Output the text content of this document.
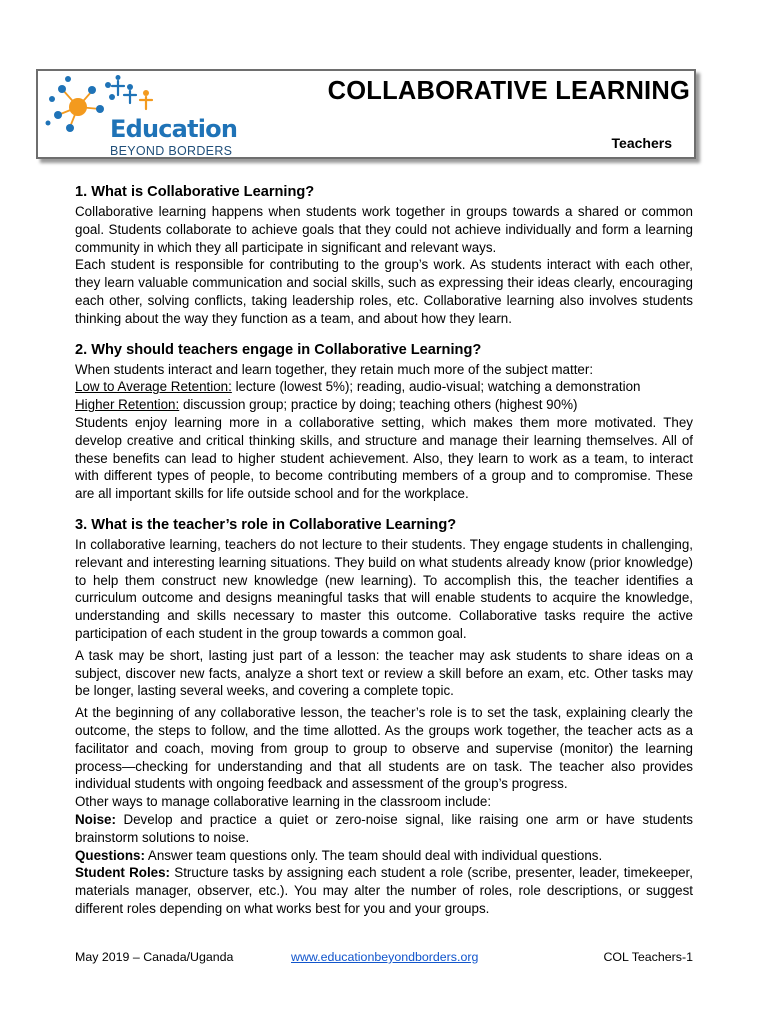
Education
BEYOND BORDERS
COLLABORATIVE LEARNING
Teachers
1. What is Collaborative Learning?

Collaborative learning happens when students work together in groups towards a shared or common goal. Students collaborate to achieve goals that they could not achieve individually and form a learning community in which they all participate in significant and relevant ways.

Each student is responsible for contributing to the group’s work. As students interact with each other, they learn valuable communication and social skills, such as expressing their ideas clearly, encouraging each other, solving conflicts, taking leadership roles, etc. Collaborative learning also involves students thinking about the way they function as a team, and about how they learn.

2. Why should teachers engage in Collaborative Learning?

When students interact and learn together, they retain much more of the subject matter:

Low to Average Retention: lecture (lowest 5%); reading, audio-visual; watching a demonstration

Higher Retention: discussion group; practice by doing; teaching others (highest 90%)

Students enjoy learning more in a collaborative setting, which makes them more motivated. They develop creative and critical thinking skills, and structure and manage their learning themselves. All of these benefits can lead to higher student achievement. Also, they learn to work as a team, to interact with different types of people, to become contributing members of a group and to compromise. These are all important skills for life outside school and for the workplace.

3. What is the teacher’s role in Collaborative Learning?

In collaborative learning, teachers do not lecture to their students. They engage students in challenging, relevant and interesting learning situations. They build on what students already know (prior knowledge) to help them construct new knowledge (new learning). To accomplish this, the teacher identifies a curriculum outcome and designs meaningful tasks that will enable students to acquire the knowledge, understanding and skills necessary to master this outcome. Collaborative tasks require the active participation of each student in the group towards a common goal.

A task may be short, lasting just part of a lesson: the teacher may ask students to share ideas on a subject, discover new facts, analyze a short text or review a skill before an exam, etc. Other tasks may be longer, lasting several weeks, and covering a complete topic.

At the beginning of any collaborative lesson, the teacher’s role is to set the task, explaining clearly the outcome, the steps to follow, and the time allotted. As the groups work together, the teacher acts as a facilitator and coach, moving from group to group to observe and supervise (monitor) the learning process—checking for understanding and that all students are on task. The teacher also provides individual students with ongoing feedback and assessment of the group’s progress.

Other ways to manage collaborative learning in the classroom include:

Noise: Develop and practice a quiet or zero-noise signal, like raising one arm or have students brainstorm solutions to noise.

Questions: Answer team questions only. The team should deal with individual questions.

Student Roles: Structure tasks by assigning each student a role (scribe, presenter, leader, timekeeper, materials manager, observer, etc.). You may alter the number of roles, role descriptions, or suggest different roles depending on what works best for you and your groups.

May 2019 – Canada/Uganda	www.educationbeyondborders.org	COL Teachers-1
